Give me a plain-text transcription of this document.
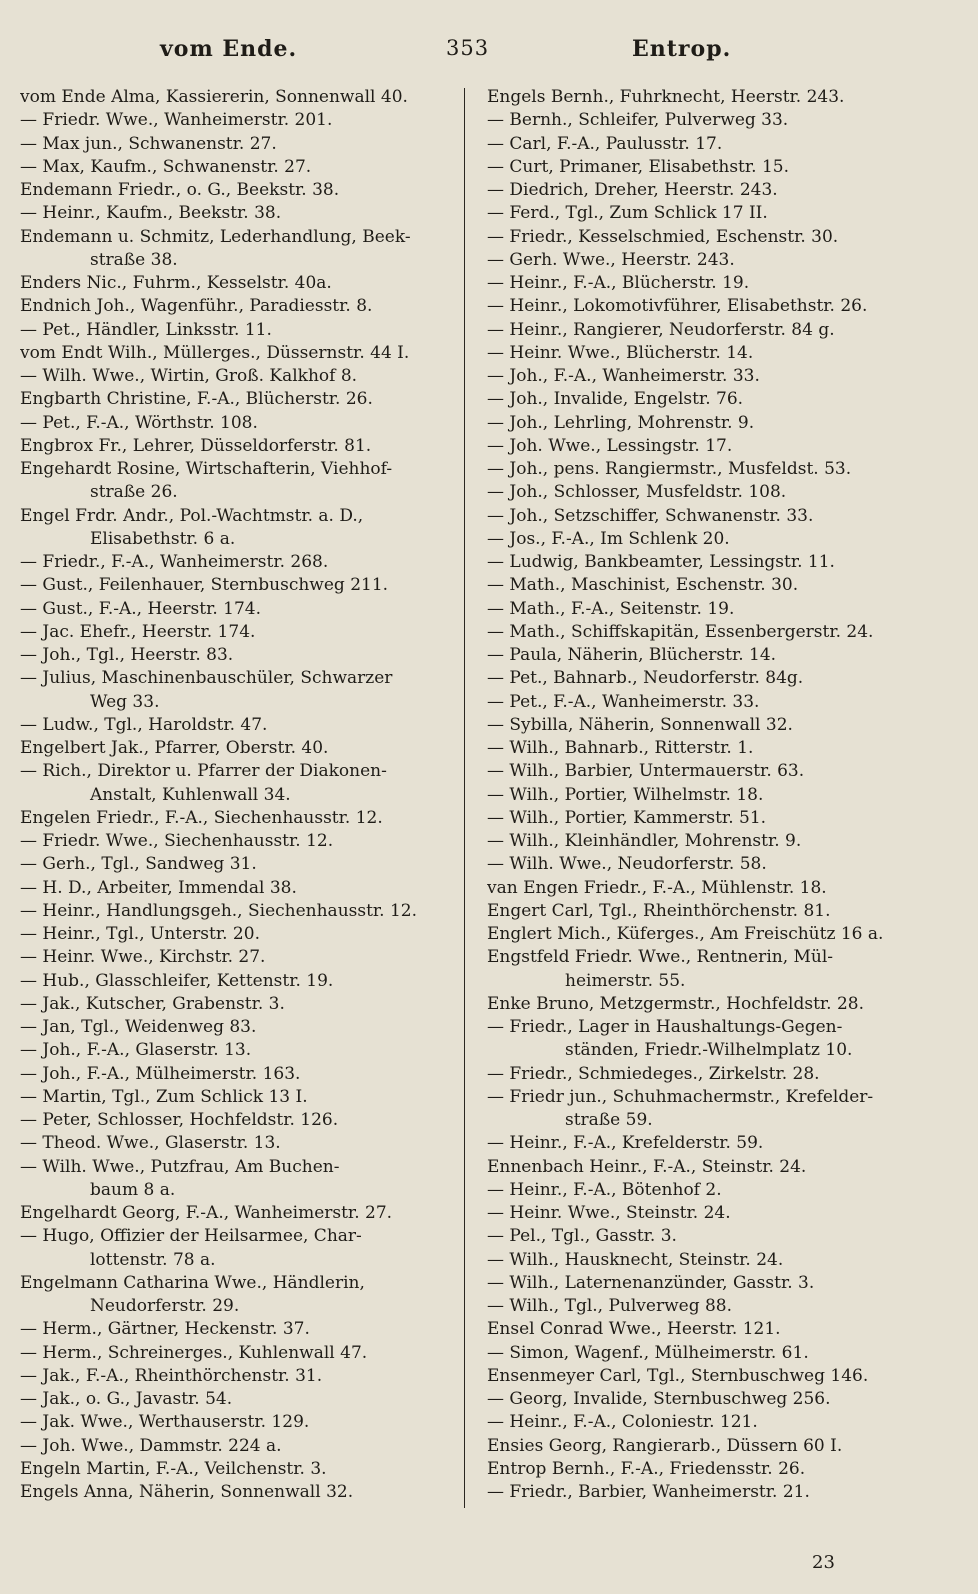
vom Ende.	353	Entrop.
vom Ende Alma, Kassiererin, Sonnenwall 40.
— Friedr. Wwe., Wanheimerstr. 201.
— Max jun., Schwanenstr. 27.
— Max, Kaufm., Schwanenstr. 27.
Endemann Friedr., o. G., Beekstr. 38.
— Heinr., Kaufm., Beekstr. 38.
Endemann u. Schmitz, Lederhandlung, Beek-
straße 38.
Enders Nic., Fuhrm., Kesselstr. 40a.
Endnich Joh., Wagenführ., Paradiesstr. 8.
— Pet., Händler, Linksstr. 11.
vom Endt Wilh., Müllerges., Düssernstr. 44 I.
— Wilh. Wwe., Wirtin, Groß. Kalkhof 8.
Engbarth Christine, F.-A., Blücherstr. 26.
— Pet., F.-A., Wörthstr. 108.
Engbrox Fr., Lehrer, Düsseldorferstr. 81.
Engehardt Rosine, Wirtschafterin, Viehhof-
straße 26.
Engel Frdr. Andr., Pol.-Wachtmstr. a. D.,
Elisabethstr. 6 a.
— Friedr., F.-A., Wanheimerstr. 268.
— Gust., Feilenhauer, Sternbuschweg 211.
— Gust., F.-A., Heerstr. 174.
— Jac. Ehefr., Heerstr. 174.
— Joh., Tgl., Heerstr. 83.
— Julius, Maschinenbauschüler, Schwarzer
Weg 33.
— Ludw., Tgl., Haroldstr. 47.
Engelbert Jak., Pfarrer, Oberstr. 40.
— Rich., Direktor u. Pfarrer der Diakonen-
Anstalt, Kuhlenwall 34.
Engelen Friedr., F.-A., Siechenhausstr. 12.
— Friedr. Wwe., Siechenhausstr. 12.
— Gerh., Tgl., Sandweg 31.
— H. D., Arbeiter, Immendal 38.
— Heinr., Handlungsgeh., Siechenhausstr. 12.
— Heinr., Tgl., Unterstr. 20.
— Heinr. Wwe., Kirchstr. 27.
— Hub., Glasschleifer, Kettenstr. 19.
— Jak., Kutscher, Grabenstr. 3.
— Jan, Tgl., Weidenweg 83.
— Joh., F.-A., Glaserstr. 13.
— Joh., F.-A., Mülheimerstr. 163.
— Martin, Tgl., Zum Schlick 13 I.
— Peter, Schlosser, Hochfeldstr. 126.
— Theod. Wwe., Glaserstr. 13.
— Wilh. Wwe., Putzfrau, Am Buchen-
baum 8 a.
Engelhardt Georg, F.-A., Wanheimerstr. 27.
— Hugo, Offizier der Heilsarmee, Char-
lottenstr. 78 a.
Engelmann Catharina Wwe., Händlerin,
Neudorferstr. 29.
— Herm., Gärtner, Heckenstr. 37.
— Herm., Schreinerges., Kuhlenwall 47.
— Jak., F.-A., Rheinthörchenstr. 31.
— Jak., o. G., Javastr. 54.
— Jak. Wwe., Werthauserstr. 129.
— Joh. Wwe., Dammstr. 224 a.
Engeln Martin, F.-A., Veilchenstr. 3.
Engels Anna, Näherin, Sonnenwall 32.
Engels Bernh., Fuhrknecht, Heerstr. 243.
— Bernh., Schleifer, Pulverweg 33.
— Carl, F.-A., Paulusstr. 17.
— Curt, Primaner, Elisabethstr. 15.
— Diedrich, Dreher, Heerstr. 243.
— Ferd., Tgl., Zum Schlick 17 II.
— Friedr., Kesselschmied, Eschenstr. 30.
— Gerh. Wwe., Heerstr. 243.
— Heinr., F.-A., Blücherstr. 19.
— Heinr., Lokomotivführer, Elisabethstr. 26.
— Heinr., Rangierer, Neudorferstr. 84 g.
— Heinr. Wwe., Blücherstr. 14.
— Joh., F.-A., Wanheimerstr. 33.
— Joh., Invalide, Engelstr. 76.
— Joh., Lehrling, Mohrenstr. 9.
— Joh. Wwe., Lessingstr. 17.
— Joh., pens. Rangiermstr., Musfeldst. 53.
— Joh., Schlosser, Musfeldstr. 108.
— Joh., Setzschiffer, Schwanenstr. 33.
— Jos., F.-A., Im Schlenk 20.
— Ludwig, Bankbeamter, Lessingstr. 11.
— Math., Maschinist, Eschenstr. 30.
— Math., F.-A., Seitenstr. 19.
— Math., Schiffskapitän, Essenbergerstr. 24.
— Paula, Näherin, Blücherstr. 14.
— Pet., Bahnarb., Neudorferstr. 84g.
— Pet., F.-A., Wanheimerstr. 33.
— Sybilla, Näherin, Sonnenwall 32.
— Wilh., Bahnarb., Ritterstr. 1.
— Wilh., Barbier, Untermauerstr. 63.
— Wilh., Portier, Wilhelmstr. 18.
— Wilh., Portier, Kammerstr. 51.
— Wilh., Kleinhändler, Mohrenstr. 9.
— Wilh. Wwe., Neudorferstr. 58.
van Engen Friedr., F.-A., Mühlenstr. 18.
Engert Carl, Tgl., Rheinthörchenstr. 81.
Englert Mich., Küferges., Am Freischütz 16 a.
Engstfeld Friedr. Wwe., Rentnerin, Mül-
heimerstr. 55.
Enke Bruno, Metzgermstr., Hochfeldstr. 28.
— Friedr., Lager in Haushaltungs-Gegen-
ständen, Friedr.-Wilhelmplatz 10.
— Friedr., Schmiedeges., Zirkelstr. 28.
— Friedr jun., Schuhmachermstr., Krefelder-
straße 59.
— Heinr., F.-A., Krefelderstr. 59.
Ennenbach Heinr., F.-A., Steinstr. 24.
— Heinr., F.-A., Bötenhof 2.
— Heinr. Wwe., Steinstr. 24.
— Pel., Tgl., Gasstr. 3.
— Wilh., Hausknecht, Steinstr. 24.
— Wilh., Laternenanzünder, Gasstr. 3.
— Wilh., Tgl., Pulverweg 88.
Ensel Conrad Wwe., Heerstr. 121.
— Simon, Wagenf., Mülheimerstr. 61.
Ensenmeyer Carl, Tgl., Sternbuschweg 146.
— Georg, Invalide, Sternbuschweg 256.
— Heinr., F.-A., Coloniestr. 121.
Ensies Georg, Rangierarb., Düssern 60 I.
Entrop Bernh., F.-A., Friedensstr. 26.
— Friedr., Barbier, Wanheimerstr. 21.
23
